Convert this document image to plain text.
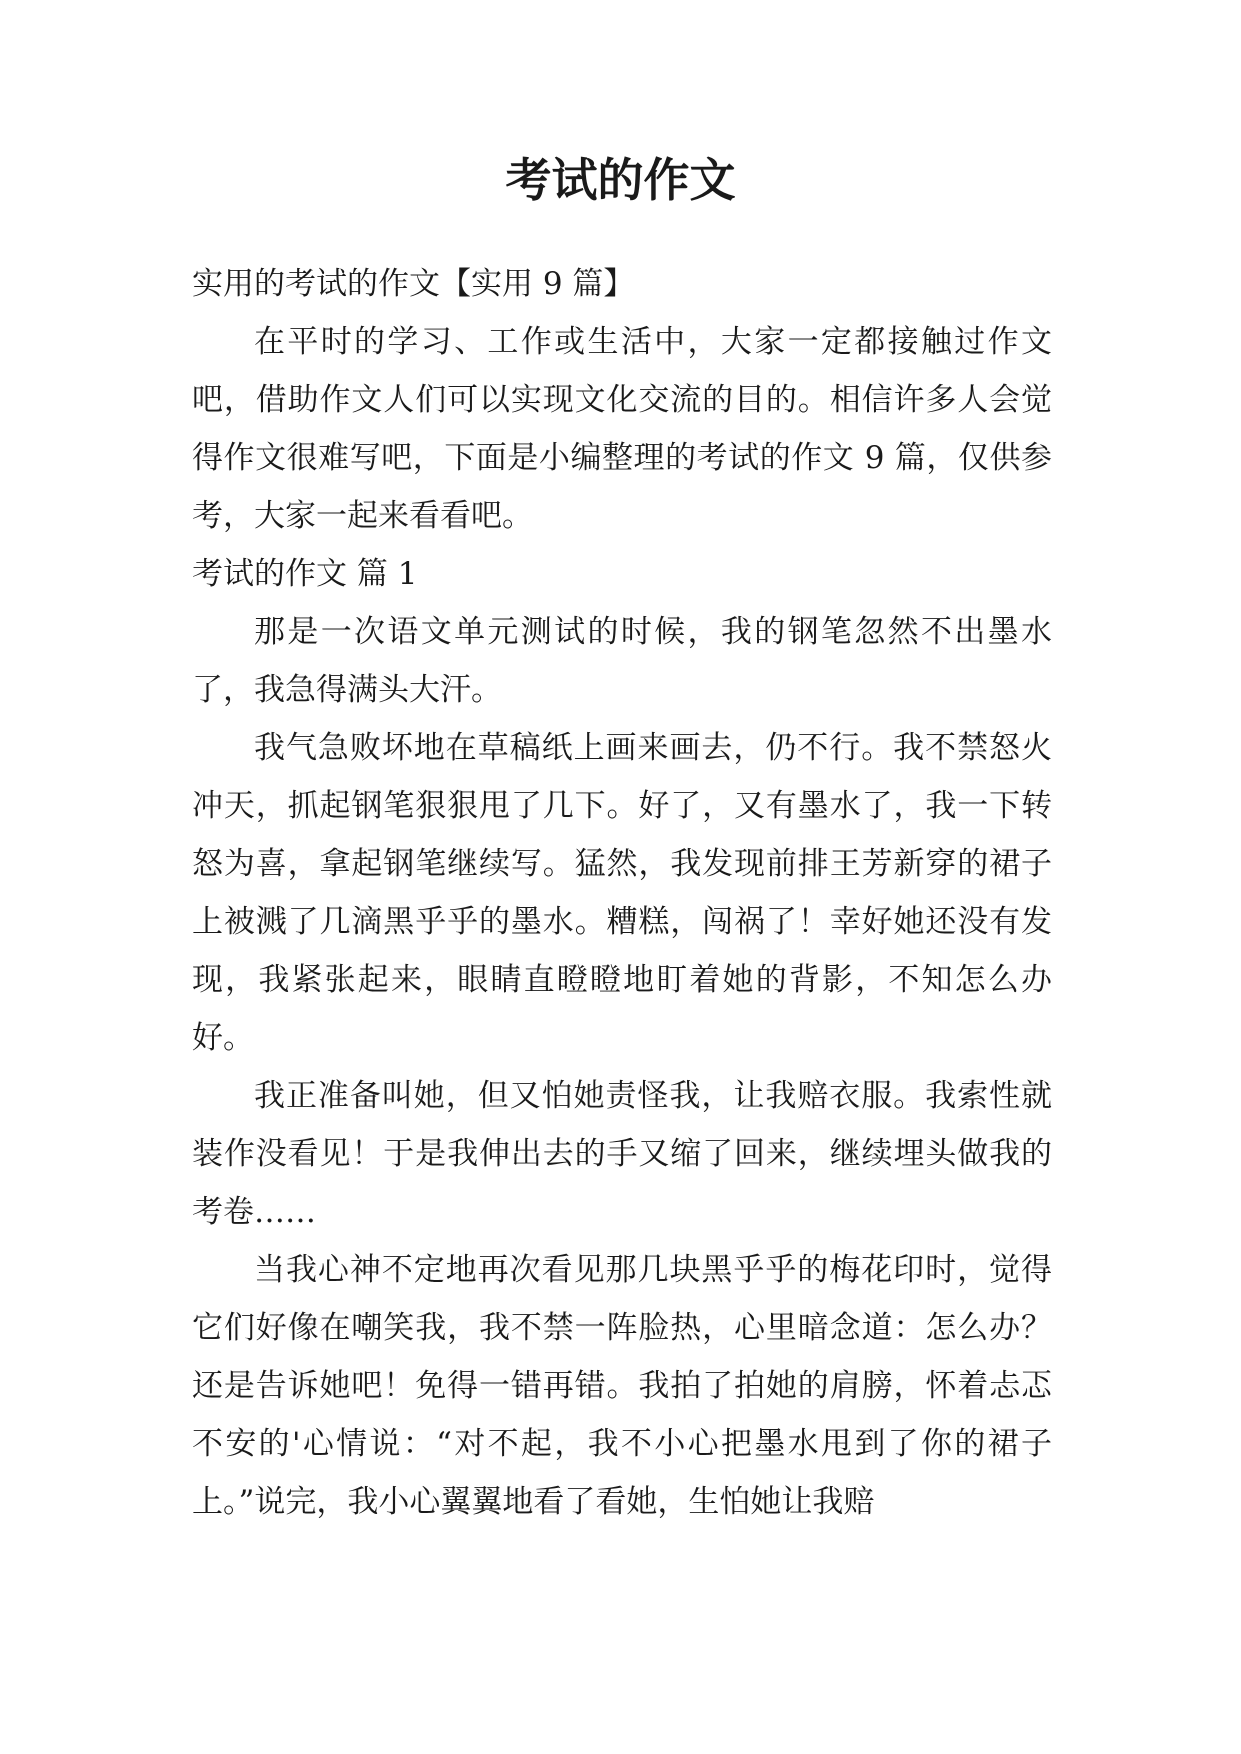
考试的作文

实用的考试的作文【实用 9 篇】

在平时的学习、工作或生活中，大家一定都接触过作文吧，借助作文人们可以实现文化交流的目的。相信许多人会觉得作文很难写吧，下面是小编整理的考试的作文 9 篇，仅供参考，大家一起来看看吧。

考试的作文 篇 1

那是一次语文单元测试的时候，我的钢笔忽然不出墨水了，我急得满头大汗。

我气急败坏地在草稿纸上画来画去，仍不行。我不禁怒火冲天，抓起钢笔狠狠甩了几下。好了，又有墨水了，我一下转怒为喜，拿起钢笔继续写。猛然，我发现前排王芳新穿的裙子上被溅了几滴黑乎乎的墨水。糟糕，闯祸了！幸好她还没有发现，我紧张起来，眼睛直瞪瞪地盯着她的背影，不知怎么办好。

我正准备叫她，但又怕她责怪我，让我赔衣服。我索性就装作没看见！于是我伸出去的手又缩了回来，继续埋头做我的考卷……

当我心神不定地再次看见那几块黑乎乎的梅花印时，觉得它们好像在嘲笑我，我不禁一阵脸热，心里暗念道：怎么办？还是告诉她吧！免得一错再错。我拍了拍她的肩膀，怀着忐忑不安的'心情说：“对不起，我不小心把墨水甩到了你的裙子上。”说完，我小心翼翼地看了看她，生怕她让我赔
